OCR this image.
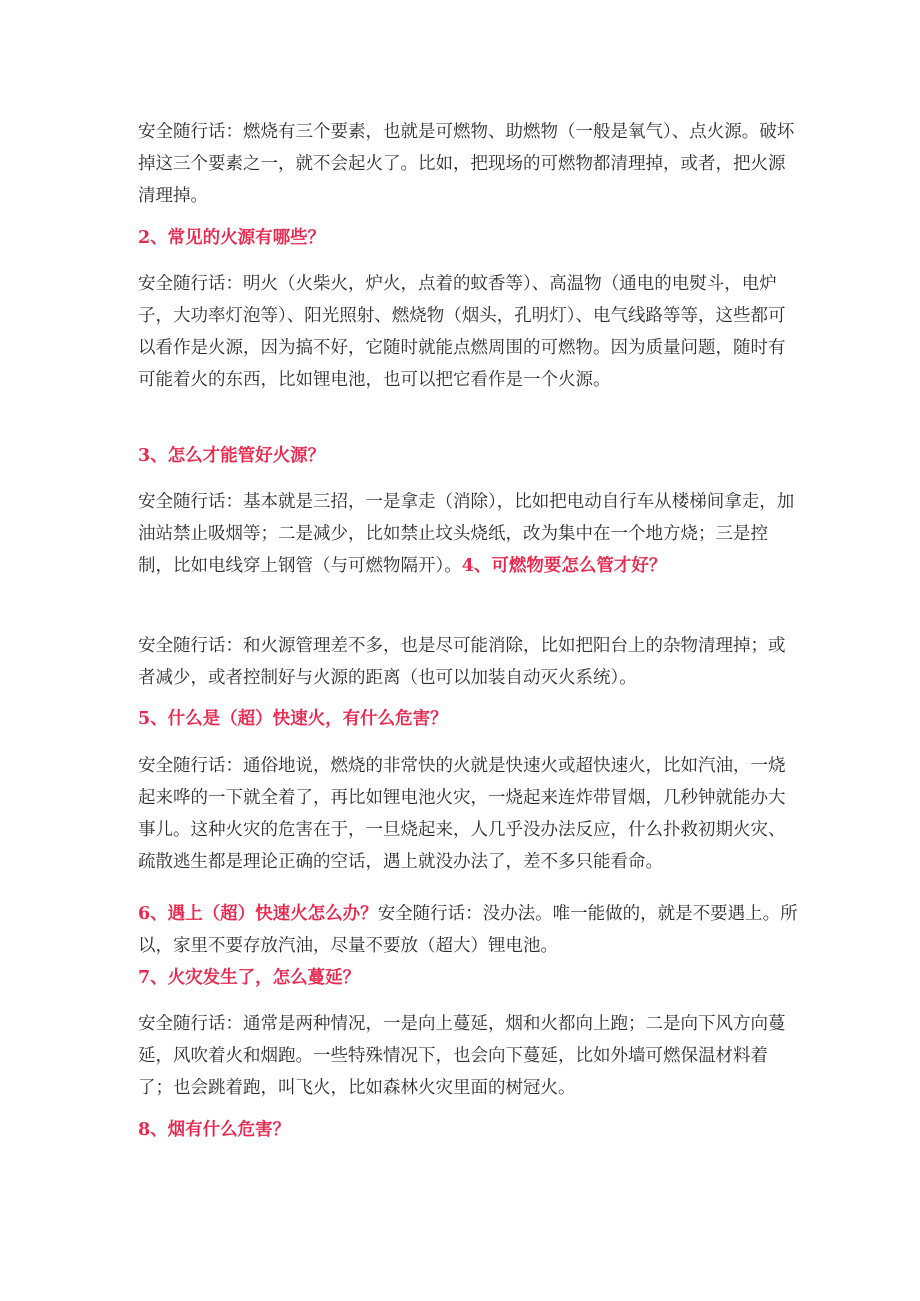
安全随行话：燃烧有三个要素，也就是可燃物、助燃物（一般是氧气）、点火源。破坏掉这三个要素之一，就不会起火了。比如，把现场的可燃物都清理掉，或者，把火源清理掉。

2、常见的火源有哪些？

安全随行话：明火（火柴火，炉火，点着的蚊香等）、高温物（通电的电熨斗，电炉子，大功率灯泡等）、阳光照射、燃烧物（烟头，孔明灯）、电气线路等等，这些都可以看作是火源，因为搞不好，它随时就能点燃周围的可燃物。因为质量问题，随时有可能着火的东西，比如锂电池，也可以把它看作是一个火源。

3、怎么才能管好火源？

安全随行话：基本就是三招，一是拿走（消除），比如把电动自行车从楼梯间拿走，加油站禁止吸烟等；二是减少，比如禁止坟头烧纸，改为集中在一个地方烧；三是控制，比如电线穿上钢管（与可燃物隔开）。4、可燃物要怎么管才好？

安全随行话：和火源管理差不多，也是尽可能消除，比如把阳台上的杂物清理掉；或者减少，或者控制好与火源的距离（也可以加装自动灭火系统）。

5、什么是（超）快速火，有什么危害？

安全随行话：通俗地说，燃烧的非常快的火就是快速火或超快速火，比如汽油，一烧起来哗的一下就全着了，再比如锂电池火灾，一烧起来连炸带冒烟，几秒钟就能办大事儿。这种火灾的危害在于，一旦烧起来，人几乎没办法反应，什么扑救初期火灾、疏散逃生都是理论正确的空话，遇上就没办法了，差不多只能看命。

6、遇上（超）快速火怎么办？安全随行话：没办法。唯一能做的，就是不要遇上。所以，家里不要存放汽油，尽量不要放（超大）锂电池。

7、火灾发生了，怎么蔓延？

安全随行话：通常是两种情况，一是向上蔓延，烟和火都向上跑；二是向下风方向蔓延，风吹着火和烟跑。一些特殊情况下，也会向下蔓延，比如外墙可燃保温材料着了；也会跳着跑，叫飞火，比如森林火灾里面的树冠火。

8、烟有什么危害？
